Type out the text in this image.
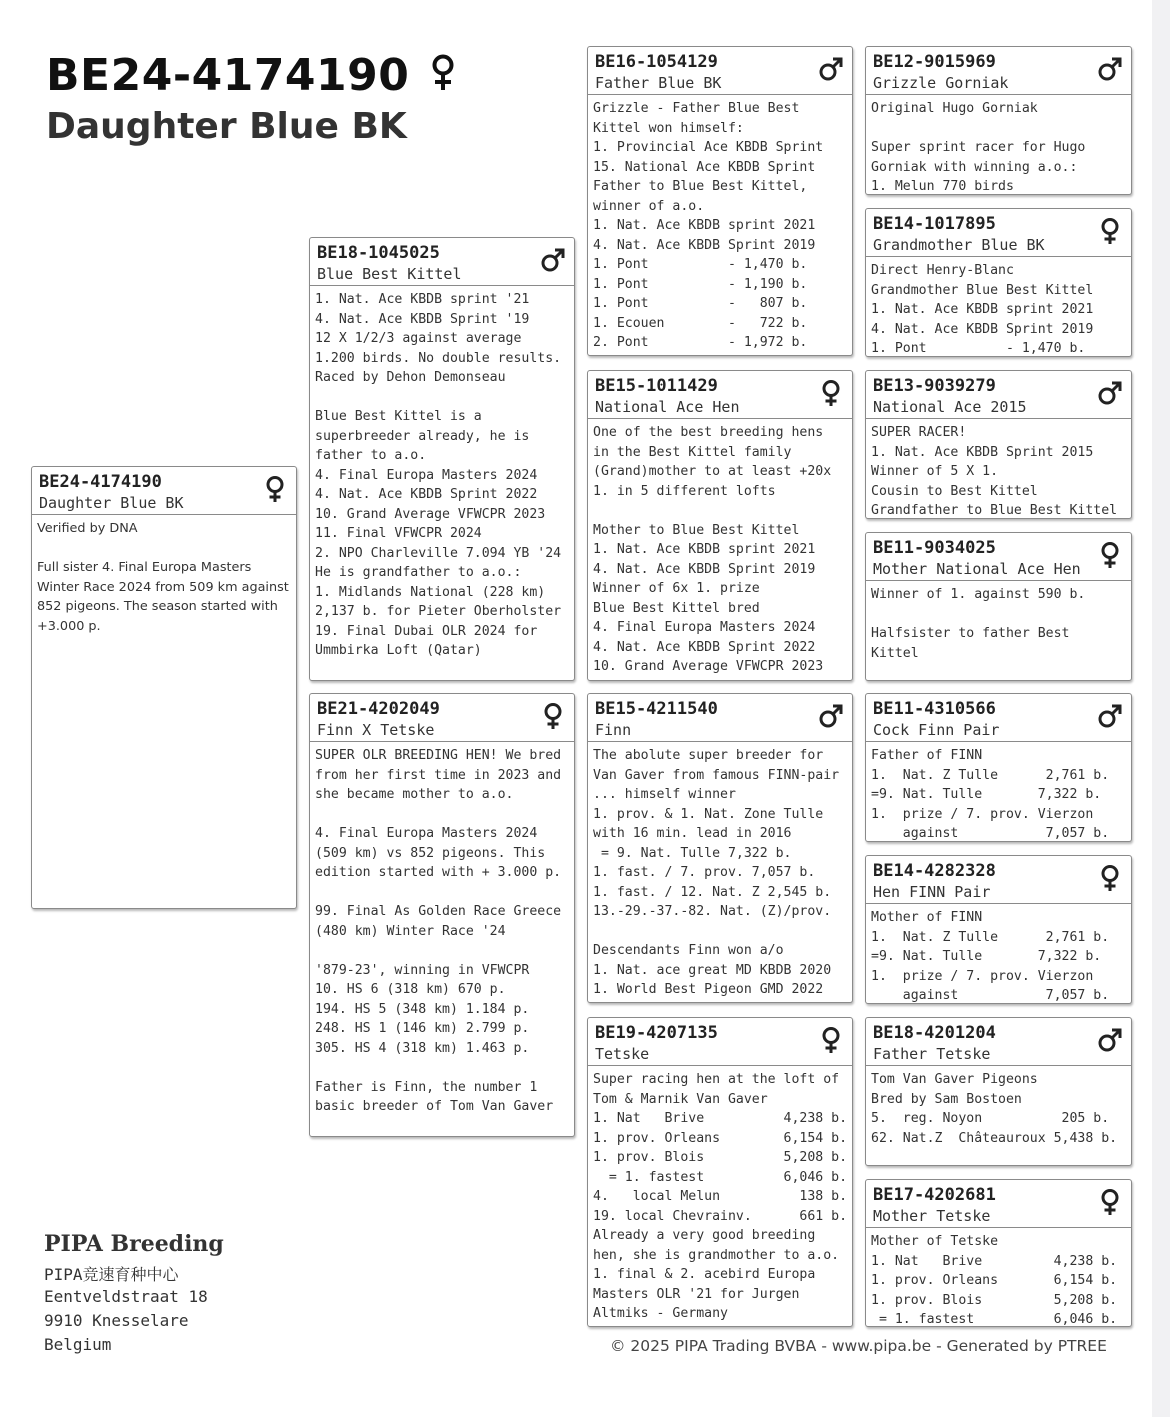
BE24-4174190
Daughter Blue BK
BE24-4174190
Daughter Blue BK
Verified by DNA

Full sister 4. Final Europa Masters Winter Race 2024 from 509 km against 852 pigeons. The season started with +3.000 p.
BE18-1045025
Blue Best Kittel
1. Nat. Ace KBDB sprint '21
4. Nat. Ace KBDB Sprint '19
12 X 1/2/3 against average
1.200 birds. No double results.
Raced by Dehon Demonseau

Blue Best Kittel is a
superbreeder already, he is
father to a.o.
4. Final Europa Masters 2024
4. Nat. Ace KBDB Sprint 2022
10. Grand Average VFWCPR 2023
11. Final VFWCPR 2024
2. NPO Charleville 7.094 YB '24
He is grandfather to a.o.:
1. Midlands National (228 km)
2,137 b. for Pieter Oberholster
19. Final Dubai OLR 2024 for
Ummbirka Loft (Qatar)
BE21-4202049
Finn X Tetske
SUPER OLR BREEDING HEN! We bred
from her first time in 2023 and
she became mother to a.o.

4. Final Europa Masters 2024
(509 km) vs 852 pigeons. This
edition started with + 3.000 p.

99. Final As Golden Race Greece
(480 km) Winter Race '24

'879-23', winning in VFWCPR
10. HS 6 (318 km) 670 p.
194. HS 5 (348 km) 1.184 p.
248. HS 1 (146 km) 2.799 p.
305. HS 4 (318 km) 1.463 p.

Father is Finn, the number 1
basic breeder of Tom Van Gaver
BE16-1054129
Father Blue BK
Grizzle - Father Blue Best
Kittel won himself:
1. Provincial Ace KBDB Sprint
15. National Ace KBDB Sprint
Father to Blue Best Kittel,
winner of a.o.
1. Nat. Ace KBDB sprint 2021
4. Nat. Ace KBDB Sprint 2019
1. Pont          - 1,470 b.
1. Pont          - 1,190 b.
1. Pont          -   807 b.
1. Ecouen        -   722 b.
2. Pont          - 1,972 b.
BE15-1011429
National Ace Hen
One of the best breeding hens
in the Best Kittel family
(Grand)mother to at least +20x
1. in 5 different lofts

Mother to Blue Best Kittel
1. Nat. Ace KBDB sprint 2021
4. Nat. Ace KBDB Sprint 2019
Winner of 6x 1. prize
Blue Best Kittel bred
4. Final Europa Masters 2024
4. Nat. Ace KBDB Sprint 2022
10. Grand Average VFWCPR 2023
BE15-4211540
Finn
The abolute super breeder for
Van Gaver from famous FINN-pair
... himself winner
1. prov. & 1. Nat. Zone Tulle
with 16 min. lead in 2016
= 9. Nat. Tulle 7,322 b.
1. fast. / 7. prov. 7,057 b.
1. fast. / 12. Nat. Z 2,545 b.
13.-29.-37.-82. Nat. (Z)/prov.

Descendants Finn won a/o
1. Nat. ace great MD KBDB 2020
1. World Best Pigeon GMD 2022
BE19-4207135
Tetske
Super racing hen at the loft of
Tom & Marnik Van Gaver
1. Nat   Brive          4,238 b.
1. prov. Orleans        6,154 b.
1. prov. Blois          5,208 b.
= 1. fastest          6,046 b.
4.   local Melun          138 b.
19. local Chevrainv.      661 b.
Already a very good breeding
hen, she is grandmother to a.o.
1. final & 2. acebird Europa
Masters OLR '21 for Jurgen
Altmiks - Germany
BE12-9015969
Grizzle Gorniak
Original Hugo Gorniak

Super sprint racer for Hugo
Gorniak with winning a.o.:
1. Melun 770 birds
BE14-1017895
Grandmother Blue BK
Direct Henry-Blanc
Grandmother Blue Best Kittel
1. Nat. Ace KBDB sprint 2021
4. Nat. Ace KBDB Sprint 2019
1. Pont          - 1,470 b.
BE13-9039279
National Ace 2015
SUPER RACER!
1. Nat. Ace KBDB Sprint 2015
Winner of 5 X 1.
Cousin to Best Kittel
Grandfather to Blue Best Kittel
BE11-9034025
Mother National Ace Hen
Winner of 1. against 590 b.

Halfsister to father Best
Kittel
BE11-4310566
Cock Finn Pair
Father of FINN
1.  Nat. Z Tulle      2,761 b.
=9. Nat. Tulle       7,322 b.
1.  prize / 7. prov. Vierzon
against           7,057 b.
BE14-4282328
Hen FINN Pair
Mother of FINN
1.  Nat. Z Tulle      2,761 b.
=9. Nat. Tulle       7,322 b.
1.  prize / 7. prov. Vierzon
against           7,057 b.
BE18-4201204
Father Tetske
Tom Van Gaver Pigeons
Bred by Sam Bostoen
5.  reg. Noyon          205 b.
62. Nat.Z  Châteauroux 5,438 b.
BE17-4202681
Mother Tetske
Mother of Tetske
1. Nat   Brive         4,238 b.
1. prov. Orleans       6,154 b.
1. prov. Blois         5,208 b.
= 1. fastest          6,046 b.
PIPA Breeding
PIPA竞速育种中心
Eentveldstraat 18
9910 Knesselare
Belgium	© 2025 PIPA Trading BVBA - www.pipa.be - Generated by PTREE
